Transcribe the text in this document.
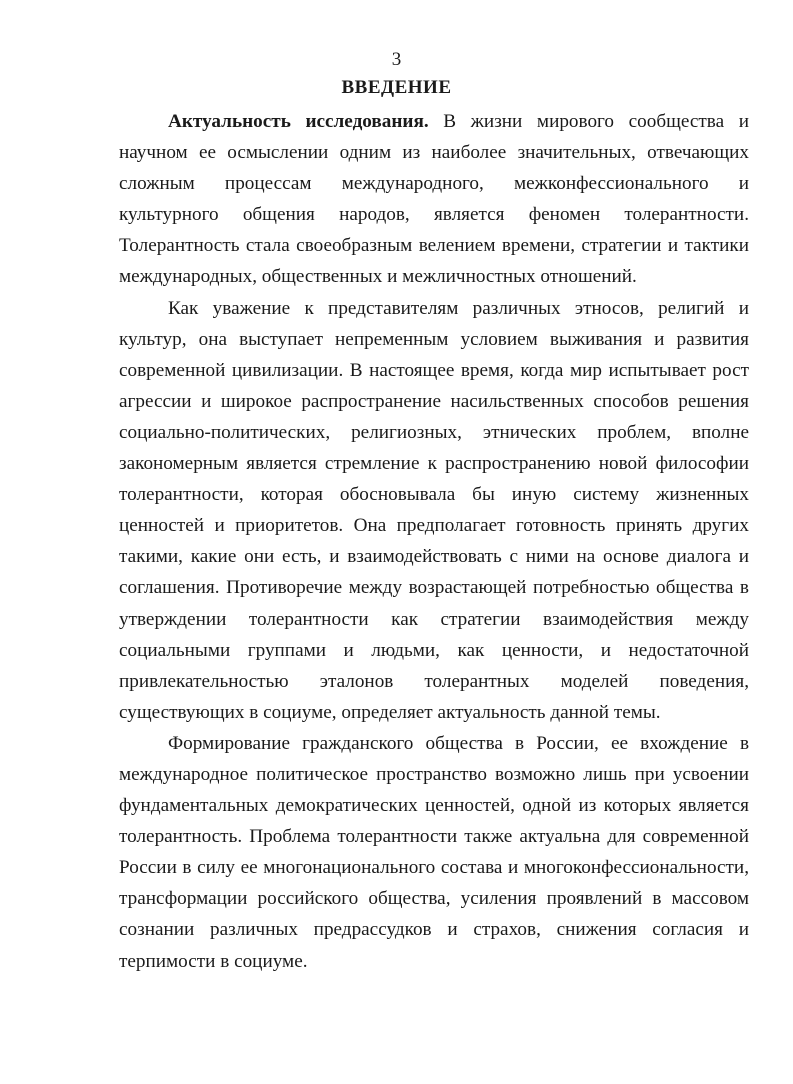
3
ВВЕДЕНИЕ

Актуальность исследования. В жизни мирового сообщества и научном ее осмыслении одним из наиболее значительных, отвечающих сложным процессам международного, межконфессионального и культурного общения народов, является феномен толерантности. Толерантность стала своеобразным велением времени, стратегии и тактики международных, общественных и межличностных отношений.

Как уважение к представителям различных этносов, религий и культур, она выступает непременным условием выживания и развития современной цивилизации. В настоящее время, когда мир испытывает рост агрессии и широкое распространение насильственных способов решения социально-политических, религиозных, этнических проблем, вполне закономерным является стремление к распространению новой философии толерантности, которая обосновывала бы иную систему жизненных ценностей и приоритетов. Она предполагает готовность принять других такими, какие они есть, и взаимодействовать с ними на основе диалога и соглашения. Противоречие между возрастающей потребностью общества в утверждении толерантности как стратегии взаимодействия между социальными группами и людьми, как ценности, и недостаточной привлекательностью эталонов толерантных моделей поведения, существующих в социуме, определяет актуальность данной темы.

Формирование гражданского общества в России, ее вхождение в международное политическое пространство возможно лишь при усвоении фундаментальных демократических ценностей, одной из которых является толерантность. Проблема толерантности также актуальна для современной России в силу ее многонационального состава и многоконфессиональности, трансформации российского общества, усиления проявлений в массовом сознании различных предрассудков и страхов, снижения согласия и терпимости в социуме.
